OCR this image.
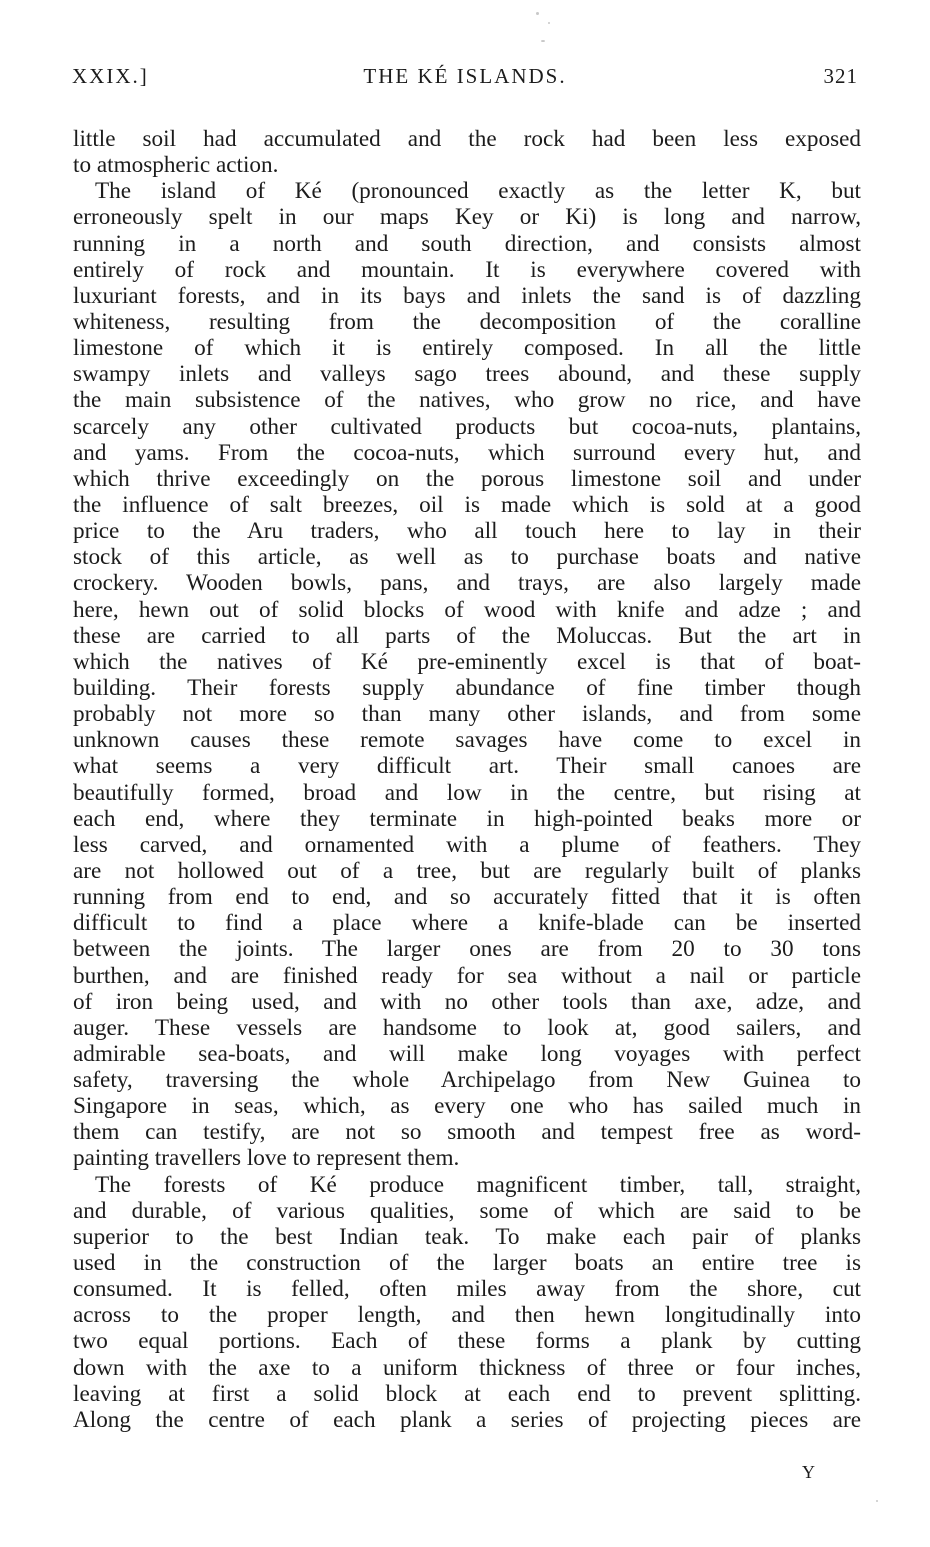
XXIX.]	THE KÉ ISLANDS.	321
little soil had accumulated and the rock had been less exposed
to atmospheric action.
The island of Ké (pronounced exactly as the letter K, but
erroneously spelt in our maps Key or Ki) is long and narrow,
running in a north and south direction, and consists almost
entirely of rock and mountain. It is everywhere covered with
luxuriant forests, and in its bays and inlets the sand is of dazzling
whiteness, resulting from the decomposition of the coralline
limestone of which it is entirely composed. In all the little
swampy inlets and valleys sago trees abound, and these supply
the main subsistence of the natives, who grow no rice, and have
scarcely any other cultivated products but cocoa-nuts, plantains,
and yams. From the cocoa-nuts, which surround every hut, and
which thrive exceedingly on the porous limestone soil and under
the influence of salt breezes, oil is made which is sold at a good
price to the Aru traders, who all touch here to lay in their
stock of this article, as well as to purchase boats and native
crockery. Wooden bowls, pans, and trays, are also largely made
here, hewn out of solid blocks of wood with knife and adze ; and
these are carried to all parts of the Moluccas. But the art in
which the natives of Ké pre-eminently excel is that of boat-
building. Their forests supply abundance of fine timber though
probably not more so than many other islands, and from some
unknown causes these remote savages have come to excel in
what seems a very difficult art. Their small canoes are
beautifully formed, broad and low in the centre, but rising at
each end, where they terminate in high-pointed beaks more or
less carved, and ornamented with a plume of feathers. They
are not hollowed out of a tree, but are regularly built of planks
running from end to end, and so accurately fitted that it is often
difficult to find a place where a knife-blade can be inserted
between the joints. The larger ones are from 20 to 30 tons
burthen, and are finished ready for sea without a nail or particle
of iron being used, and with no other tools than axe, adze, and
auger. These vessels are handsome to look at, good sailers, and
admirable sea-boats, and will make long voyages with perfect
safety, traversing the whole Archipelago from New Guinea to
Singapore in seas, which, as every one who has sailed much in
them can testify, are not so smooth and tempest free as word-
painting travellers love to represent them.
The forests of Ké produce magnificent timber, tall, straight,
and durable, of various qualities, some of which are said to be
superior to the best Indian teak. To make each pair of planks
used in the construction of the larger boats an entire tree is
consumed. It is felled, often miles away from the shore, cut
across to the proper length, and then hewn longitudinally into
two equal portions. Each of these forms a plank by cutting
down with the axe to a uniform thickness of three or four inches,
leaving at first a solid block at each end to prevent splitting.
Along the centre of each plank a series of projecting pieces are
Y
